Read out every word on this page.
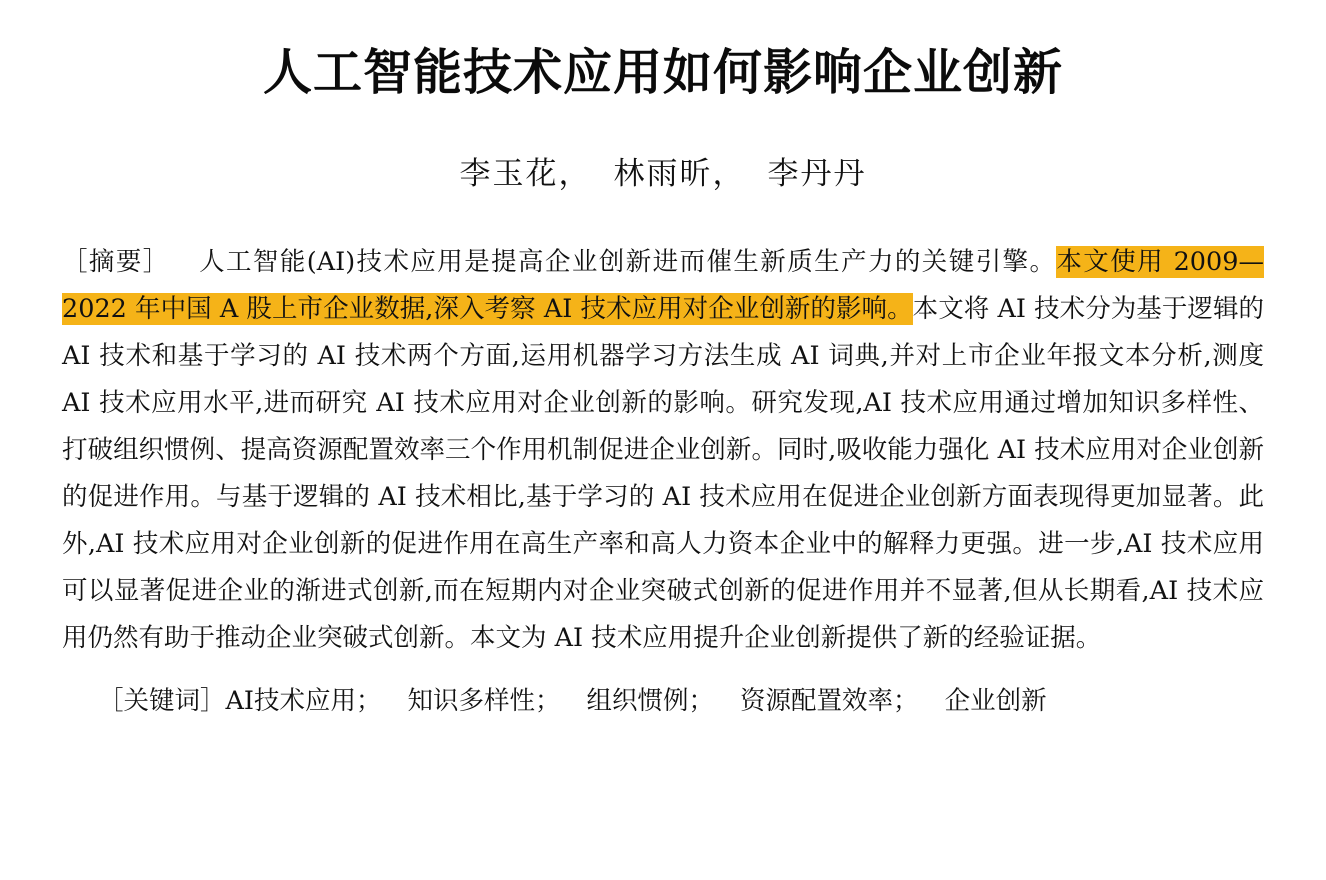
人工智能技术应用如何影响企业创新
李玉花， 林雨昕， 李丹丹

［摘要］ 人工智能(AI)技术应用是提高企业创新进而催生新质生产力的关键引擎。本文使用 2009—2022 年中国 A 股上市企业数据,深入考察 AI 技术应用对企业创新的影响。本文将 AI 技术分为基于逻辑的 AI 技术和基于学习的 AI 技术两个方面,运用机器学习方法生成 AI 词典,并对上市企业年报文本分析,测度 AI 技术应用水平,进而研究 AI 技术应用对企业创新的影响。研究发现,AI 技术应用通过增加知识多样性、打破组织惯例、提高资源配置效率三个作用机制促进企业创新。同时,吸收能力强化 AI 技术应用对企业创新的促进作用。与基于逻辑的 AI 技术相比,基于学习的 AI 技术应用在促进企业创新方面表现得更加显著。此外,AI 技术应用对企业创新的促进作用在高生产率和高人力资本企业中的解释力更强。进一步,AI 技术应用可以显著促进企业的渐进式创新,而在短期内对企业突破式创新的促进作用并不显著,但从长期看,AI 技术应用仍然有助于推动企业突破式创新。本文为 AI 技术应用提升企业创新提供了新的经验证据。

［关键词］AI技术应用； 知识多样性； 组织惯例； 资源配置效率； 企业创新
